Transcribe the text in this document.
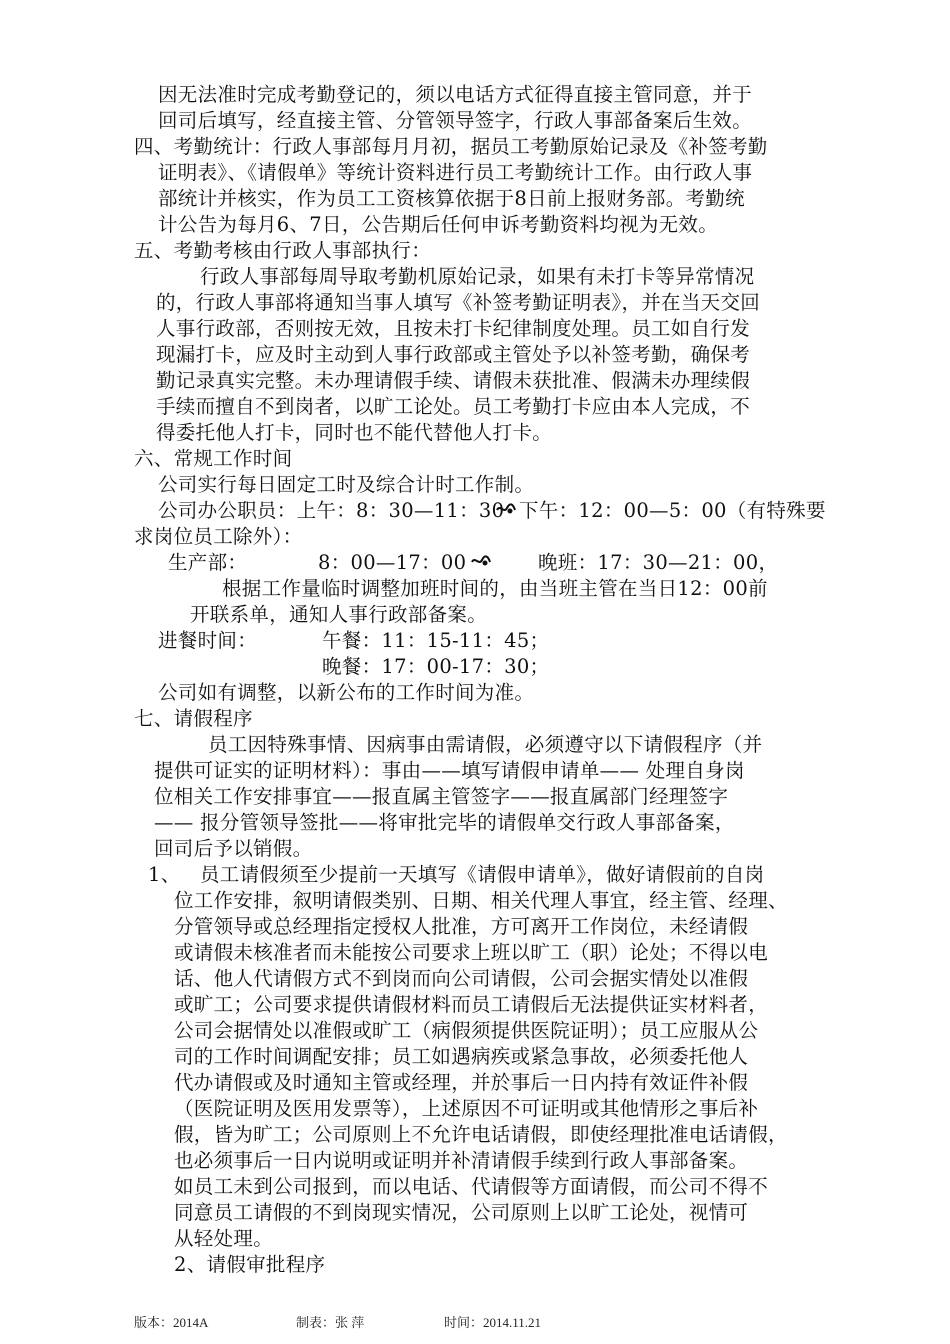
因无法准时完成考勤登记的，须以电话方式征得直接主管同意，并于
回司后填写，经直接主管、分管领导签字，行政人事部备案后生效。
四、考勤统计：行政人事部每月月初，据员工考勤原始记录及《补签考勤
证明表》、《请假单》等统计资料进行员工考勤统计工作。由行政人事
部统计并核实，作为员工工资核算依据于8日前上报财务部。考勤统
计公告为每月6、7日，公告期后任何申诉考勤资料均视为无效。
五、考勤考核由行政人事部执行：
行政人事部每周导取考勤机原始记录，如果有未打卡等异常情况
的，行政人事部将通知当事人填写《补签考勤证明表》，并在当天交回
人事行政部，否则按无效，且按未打卡纪律制度处理。员工如自行发
现漏打卡，应及时主动到人事行政部或主管处予以补签考勤，确保考
勤记录真实完整。未办理请假手续、请假未获批准、假满未办理续假
手续而擅自不到岗者，以旷工论处。员工考勤打卡应由本人完成，不
得委托他人打卡，同时也不能代替他人打卡。
六、常规工作时间
公司实行每日固定工时及综合计时工作制。
公司办公职员：上午：8：30—11：30 下午：12：00—5：00（有特殊要
求岗位员工除外）：
生产部：	8：00—17：00	晚班：17：30—21：00，
根据工作量临时调整加班时间的，由当班主管在当日12：00前
开联系单，通知人事行政部备案。
进餐时间：	午餐：11：15-11：45；
晚餐：17：00-17：30；
公司如有调整，以新公布的工作时间为准。
七、请假程序
员工因特殊事情、因病事由需请假，必须遵守以下请假程序（并
提供可证实的证明材料）：事由——填写请假申请单—— 处理自身岗
位相关工作安排事宜——报直属主管签字——报直属部门经理签字
—— 报分管领导签批——将审批完毕的请假单交行政人事部备案，
回司后予以销假。
1、 员工请假须至少提前一天填写《请假申请单》，做好请假前的自岗
位工作安排，叙明请假类别、日期、相关代理人事宜，经主管、经理、
分管领导或总经理指定授权人批准，方可离开工作岗位，未经请假
或请假未核准者而未能按公司要求上班以旷工（职）论处；不得以电
话、他人代请假方式不到岗而向公司请假，公司会据实情处以准假
或旷工；公司要求提供请假材料而员工请假后无法提供证实材料者，
公司会据情处以准假或旷工（病假须提供医院证明）；员工应服从公
司的工作时间调配安排；员工如遇病疾或紧急事故，必须委托他人
代办请假或及时通知主管或经理，并於事后一日内持有效证件补假
（医院证明及医用发票等），上述原因不可证明或其他情形之事后补
假，皆为旷工；公司原则上不允许电话请假，即使经理批准电话请假，
也必须事后一日内说明或证明并补清请假手续到行政人事部备案。
如员工未到公司报到，而以电话、代请假等方面请假，而公司不得不
同意员工请假的不到岗现实情况，公司原则上以旷工论处，视情可
从轻处理。
2、请假审批程序
版本：2014A	制表：张 萍	时间：2014.11.21
